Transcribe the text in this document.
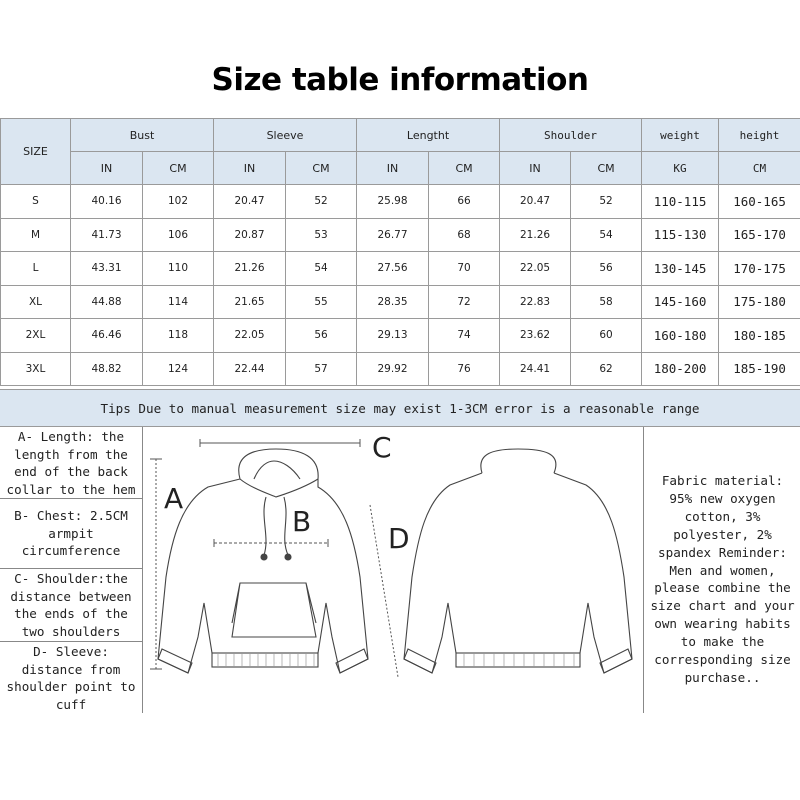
Size table information
SIZE	Bust		Sleeve		Lengtht		Shoulder		weight	height
	IN	CM	IN	CM	IN	CM	IN	CM	KG	CM
S	40.16	102	20.47	52	25.98	66	20.47	52	110-115	160-165
M	41.73	106	20.87	53	26.77	68	21.26	54	115-130	165-170
L	43.31	110	21.26	54	27.56	70	22.05	56	130-145	170-175
XL	44.88	114	21.65	55	28.35	72	22.83	58	145-160	175-180
2XL	46.46	118	22.05	56	29.13	74	23.62	60	160-180	180-185
3XL	48.82	124	22.44	57	29.92	76	24.41	62	180-200	185-190
Tips Due to manual measurement size may exist 1-3CM error is a reasonable range
A- Length: the
length from the
end of the back
collar to the hem
B- Chest: 2.5CM
armpit
circumference
C- Shoulder:the
distance between
the ends of the
two shoulders
D- Sleeve:
distance from
shoulder point to
cuff
A
B
C
D
Fabric material:
95% new oxygen
cotton, 3%
polyester, 2%
spandex Reminder:
Men and women,
please combine the
size chart and your
own wearing habits
to make the
corresponding size
purchase..
